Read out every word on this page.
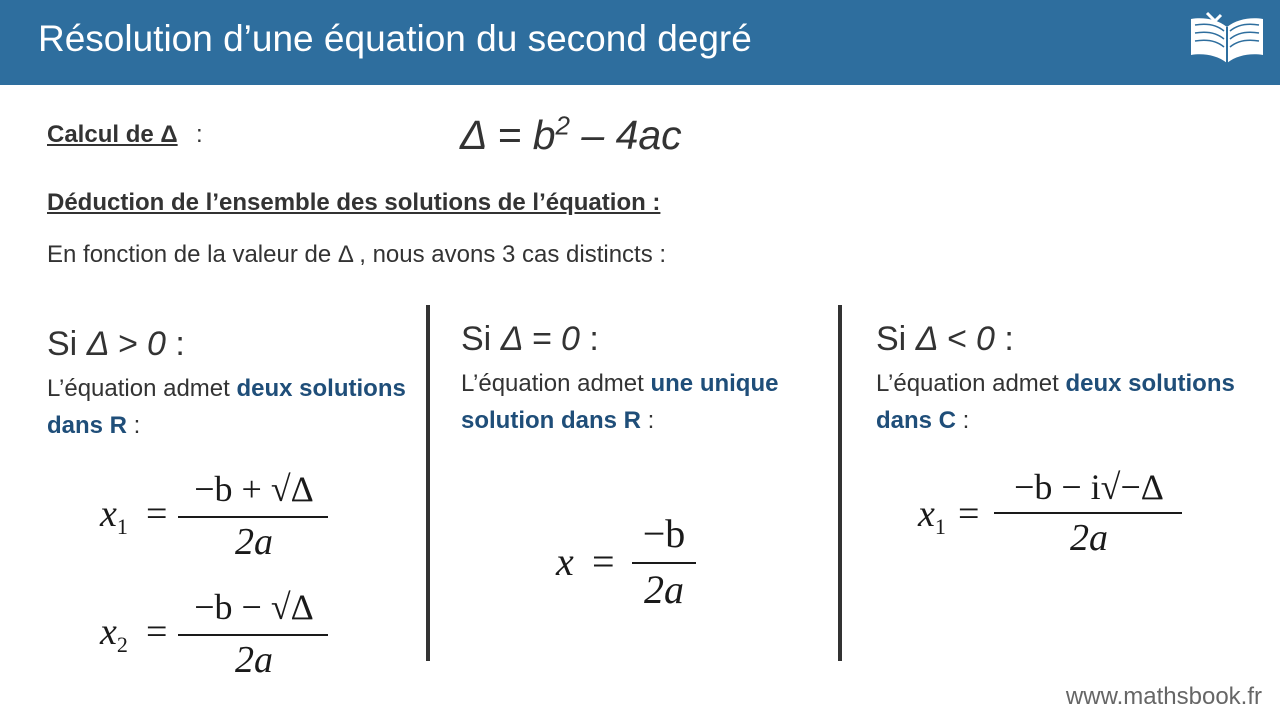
Résolution d’une équation du second degré
Calcul de Δ :	$\Delta = b^2 - 4ac$
Déduction de l’ensemble des solutions de l’équation :
En fonction de la valeur de Δ , nous avons 3 cas distincts :
Si Δ > 0 :
L’équation admet deux solutions dans R :
$x_1$ =
−b + √Δ
2a
$x_2$ =
−b − √Δ
2a
Si Δ = 0 :
L’équation admet une unique solution dans R :
x =
−b
2a
Si Δ < 0 :
L’équation admet deux solutions dans C :
$x_1$ =
−b − i√−Δ
2a
www.mathsbook.fr
